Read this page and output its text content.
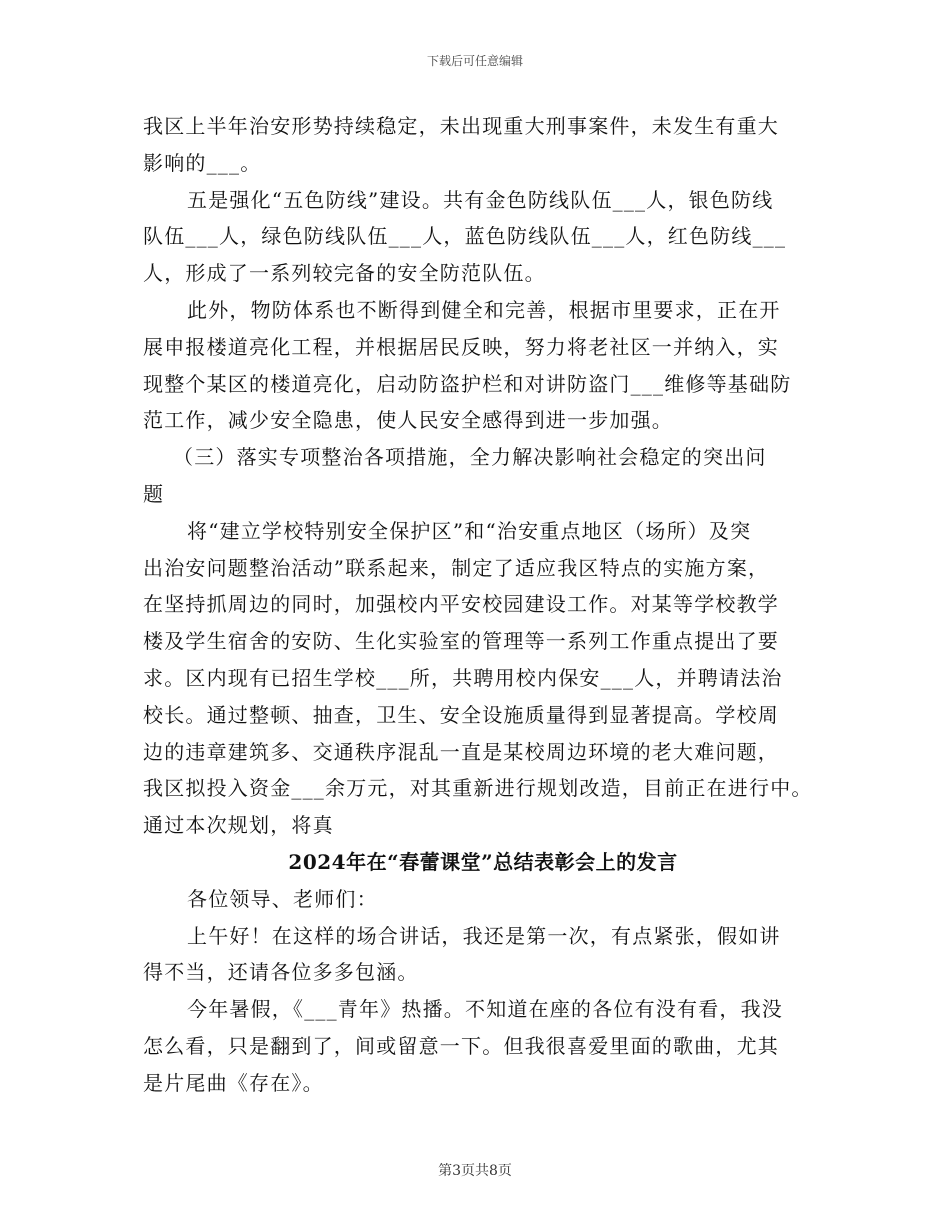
下载后可任意编辑
我区上半年治安形势持续稳定，未出现重大刑事案件，未发生有重大
影响的___。
五是强化“五色防线”建设。共有金色防线队伍___人，银色防线
队伍___人，绿色防线队伍___人，蓝色防线队伍___人，红色防线___
人，形成了一系列较完备的安全防范队伍。
此外，物防体系也不断得到健全和完善，根据市里要求，正在开
展申报楼道亮化工程，并根据居民反映，努力将老社区一并纳入，实
现整个某区的楼道亮化，启动防盗护栏和对讲防盗门___维修等基础防
范工作，减少安全隐患，使人民安全感得到进一步加强。
（三）落实专项整治各项措施，全力解决影响社会稳定的突出问
题
将“建立学校特别安全保护区”和“治安重点地区（场所）及突
出治安问题整治活动”联系起来，制定了适应我区特点的实施方案，
在坚持抓周边的同时，加强校内平安校园建设工作。对某等学校教学
楼及学生宿舍的安防、生化实验室的管理等一系列工作重点提出了要
求。区内现有已招生学校___所，共聘用校内保安___人，并聘请法治
校长。通过整顿、抽查，卫生、安全设施质量得到显著提高。学校周
边的违章建筑多、交通秩序混乱一直是某校周边环境的老大难问题，
我区拟投入资金___余万元，对其重新进行规划改造，目前正在进行中。
通过本次规划，将真
2024年在“春蕾课堂”总结表彰会上的发言
各位领导、老师们：
上午好！在这样的场合讲话，我还是第一次，有点紧张，假如讲
得不当，还请各位多多包涵。
今年暑假，《___青年》热播。不知道在座的各位有没有看，我没
怎么看，只是翻到了，间或留意一下。但我很喜爱里面的歌曲，尤其
是片尾曲《存在》。
第3页共8页
